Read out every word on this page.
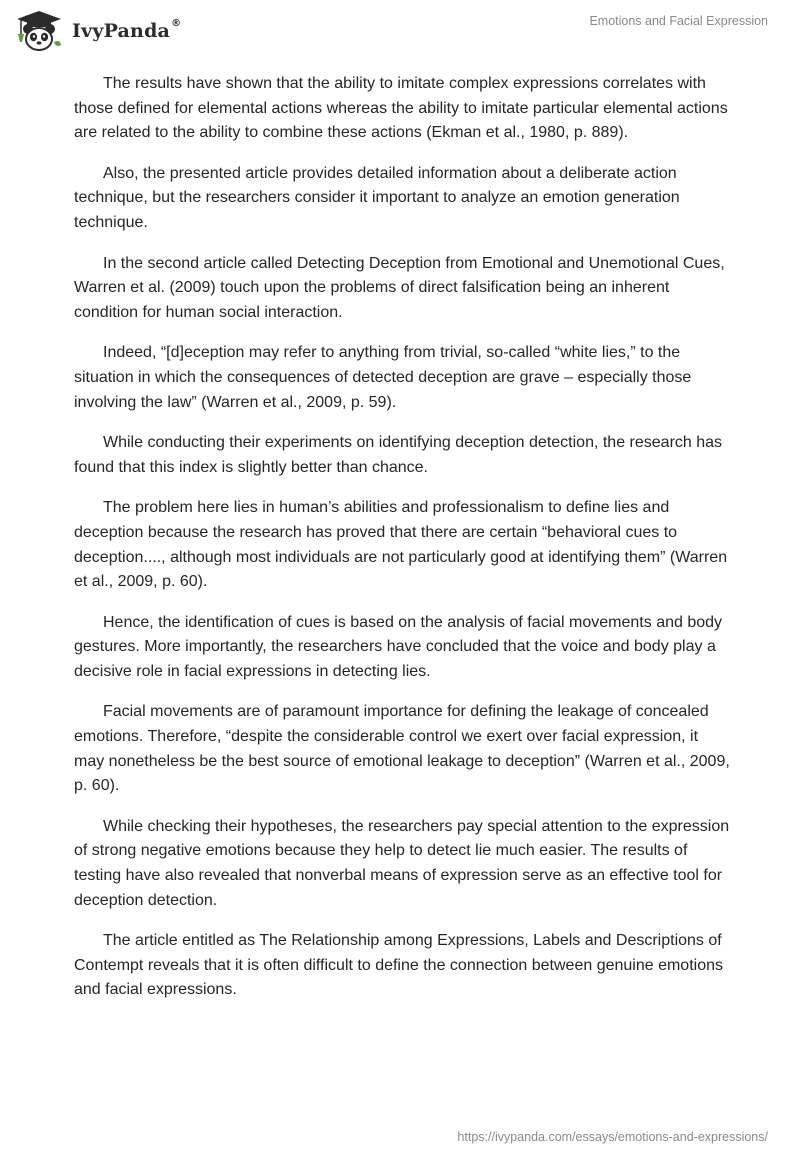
IvyPanda®	Emotions and Facial Expression

The results have shown that the ability to imitate complex expressions correlates with those defined for elemental actions whereas the ability to imitate particular elemental actions are related to the ability to combine these actions (Ekman et al., 1980, p. 889).

Also, the presented article provides detailed information about a deliberate action technique, but the researchers consider it important to analyze an emotion generation technique.

In the second article called Detecting Deception from Emotional and Unemotional Cues, Warren et al. (2009) touch upon the problems of direct falsification being an inherent condition for human social interaction.

Indeed, “[d]eception may refer to anything from trivial, so-called “white lies,” to the situation in which the consequences of detected deception are grave – especially those involving the law” (Warren et al., 2009, p. 59).

While conducting their experiments on identifying deception detection, the research has found that this index is slightly better than chance.

The problem here lies in human’s abilities and professionalism to define lies and deception because the research has proved that there are certain “behavioral cues to deception...., although most individuals are not particularly good at identifying them” (Warren et al., 2009, p. 60).

Hence, the identification of cues is based on the analysis of facial movements and body gestures. More importantly, the researchers have concluded that the voice and body play a decisive role in facial expressions in detecting lies.

Facial movements are of paramount importance for defining the leakage of concealed emotions. Therefore, “despite the considerable control we exert over facial expression, it may nonetheless be the best source of emotional leakage to deception” (Warren et al., 2009, p. 60).

While checking their hypotheses, the researchers pay special attention to the expression of strong negative emotions because they help to detect lie much easier. The results of testing have also revealed that nonverbal means of expression serve as an effective tool for deception detection.

The article entitled as The Relationship among Expressions, Labels and Descriptions of Contempt reveals that it is often difficult to define the connection between genuine emotions and facial expressions.

https://ivypanda.com/essays/emotions-and-expressions/
